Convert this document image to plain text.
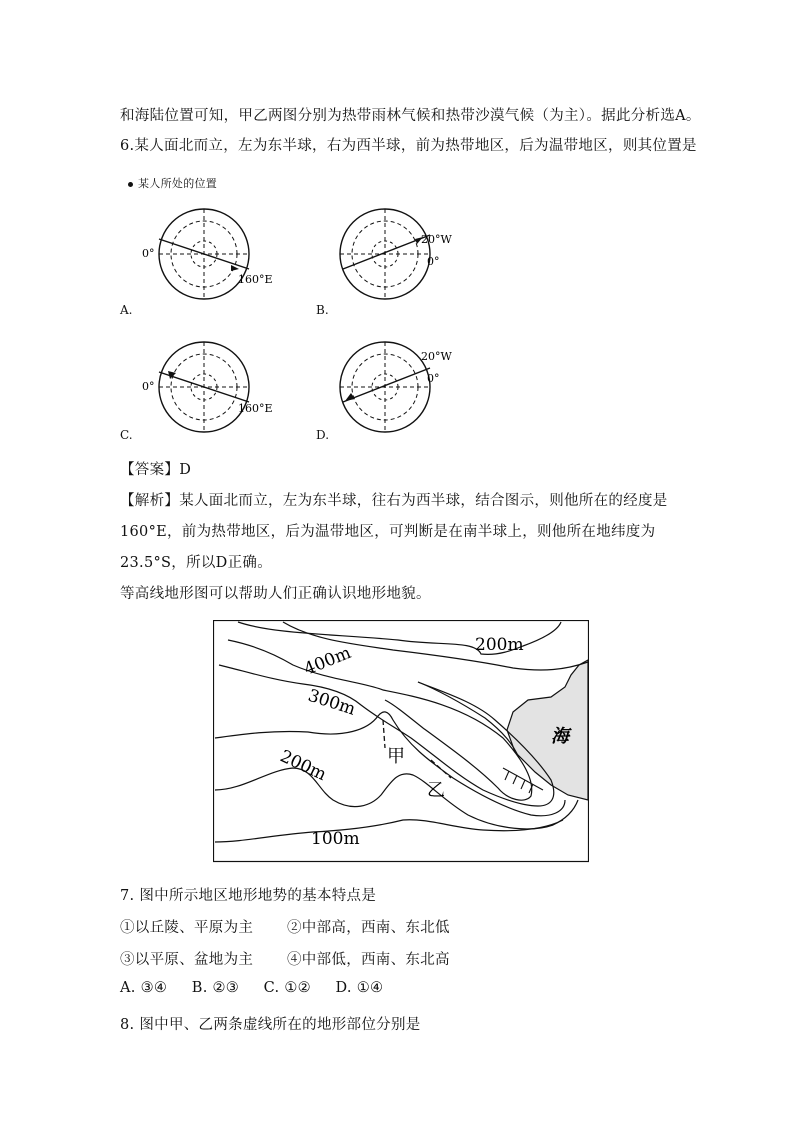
和海陆位置可知，甲乙两图分别为热带雨林气候和热带沙漠气候（为主）。据此分析选A。
6.某人面北而立，左为东半球，右为西半球，前为热带地区，后为温带地区，则其位置是
某人所处的位置
0°
160°E
A.
20°W
0°
B.
0°
160°E
C.
20°W
0°
D.
【答案】D
【解析】某人面北而立，左为东半球，往右为西半球，结合图示，则他所在的经度是
160°E，前为热带地区，后为温带地区，可判断是在南半球上，则他所在地纬度为
23.5°S，所以D正确。
等高线地形图可以帮助人们正确认识地形地貌。
200m
400m
300m
200m
100m
海
甲
乙
7. 图中所示地区地形地势的基本特点是
①以丘陵、平原为主 ②中部高，西南、东北低
③以平原、盆地为主 ④中部低，西南、东北高
A. ③④     B. ②③     C. ①②     D. ①④
8. 图中甲、乙两条虚线所在的地形部位分别是
